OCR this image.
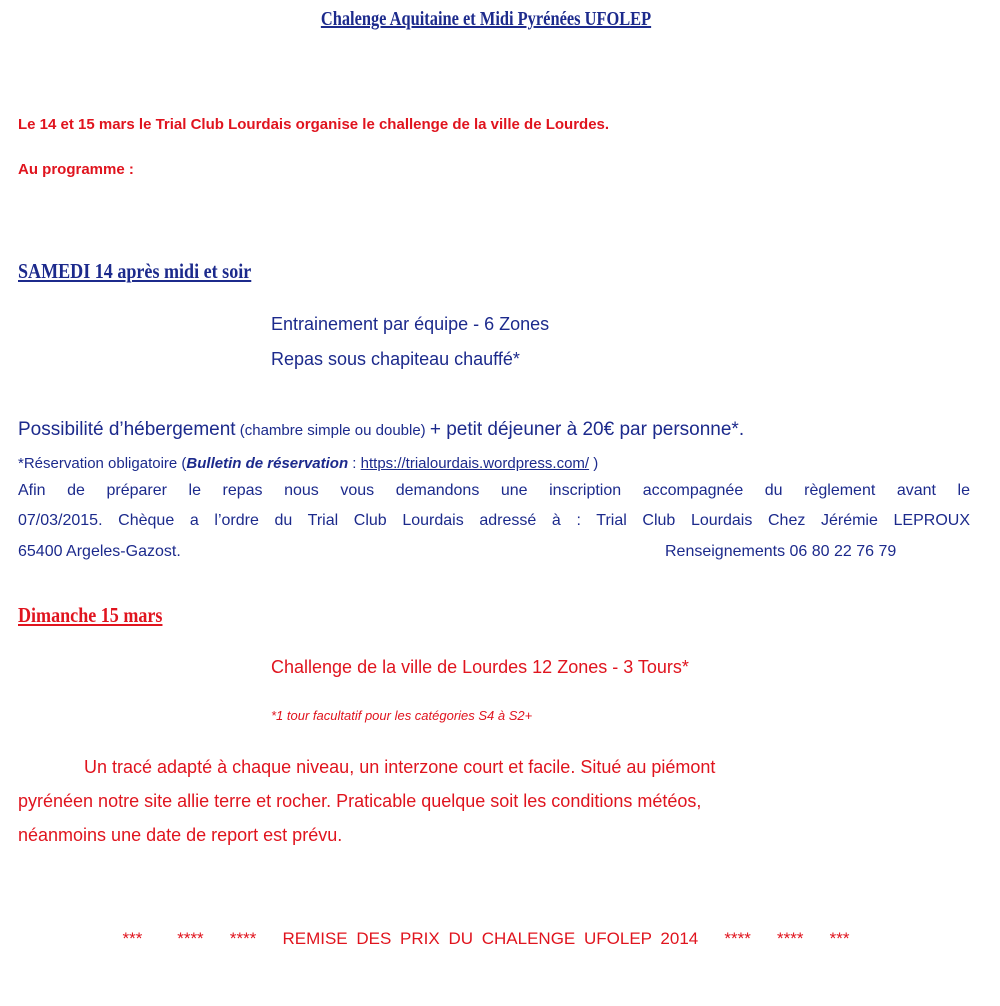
Chalenge Aquitaine et Midi Pyrénées UFOLEP

Le 14 et 15 mars le Trial Club Lourdais organise le challenge de la ville de Lourdes.

Au programme :

SAMEDI 14 après midi et soir

Entrainement par équipe - 6 Zones

Repas sous chapiteau chauffé*

Possibilité d’hébergement (chambre simple ou double) + petit déjeuner à 20€ par personne*.

*Réservation obligatoire (Bulletin de réservation : https://trialourdais.wordpress.com/ )

Afin de préparer le repas nous vous demandons une inscription accompagnée du règlement avant le
07/03/2015. Chèque a l’ordre du Trial Club Lourdais adressé à : Trial Club Lourdais Chez Jérémie LEPROUX
65400 Argeles-Gazost.	Renseignements 06 80 22 76 79
Dimanche 15 mars

Challenge de la ville de Lourdes 12 Zones - 3 Tours*

*1 tour facultatif pour les catégories S4 à S2+

Un tracé adapté à chaque niveau, un interzone court et facile. Situé au piémont
pyrénéen notre site allie terre et rocher. Praticable quelque soit les conditions météos,
néanmoins une date de report est prévu.

***    ****   ****   REMISE DES PRIX DU CHALENGE UFOLEP 2014   ****   ****   ***
